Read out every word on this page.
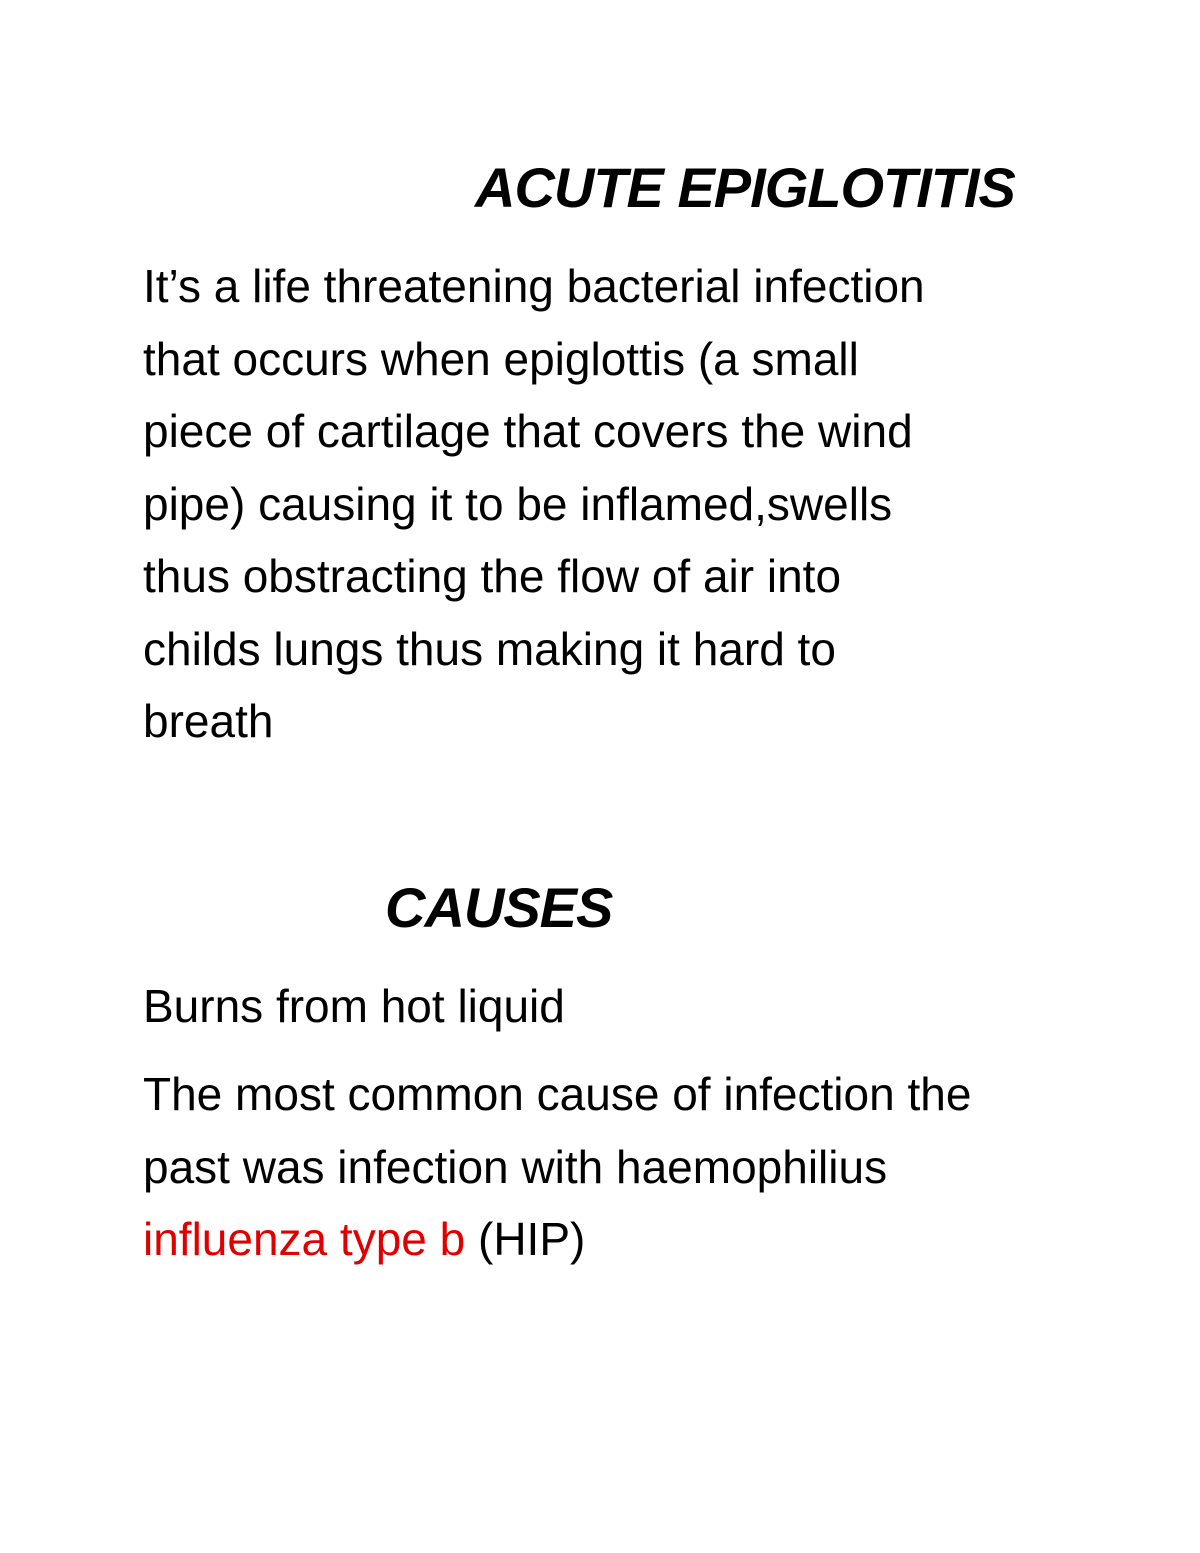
ACUTE EPIGLOTITIS
It’s a life threatening bacterial infection
that occurs when epiglottis (a small
piece of cartilage that covers the wind
pipe) causing it to be inflamed,swells
thus obstracting the flow of air into
childs lungs thus making it hard to
breath
CAUSES

Burns from hot liquid

The most common cause of infection the
past was infection with haemophilius
influenza type b (HIP)
